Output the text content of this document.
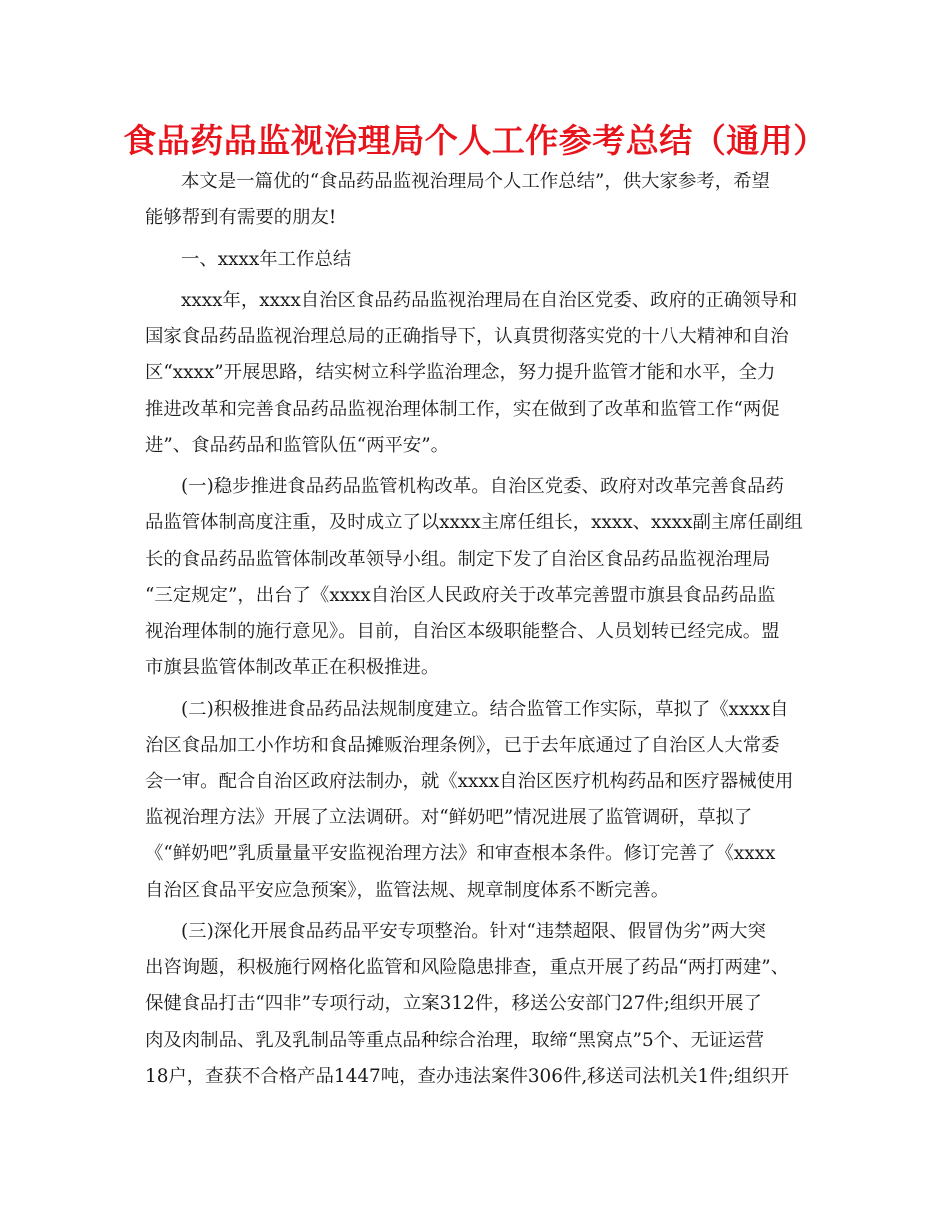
食品药品监视治理局个人工作参考总结（通用）

本文是一篇优的“食品药品监视治理局个人工作总结”，供大家参考，希望
能够帮到有需要的朋友!

一、xxxx年工作总结

xxxx年，xxxx自治区食品药品监视治理局在自治区党委、政府的正确领导和
国家食品药品监视治理总局的正确指导下，认真贯彻落实党的十八大精神和自治
区“xxxx”开展思路，结实树立科学监治理念，努力提升监管才能和水平，全力
推进改革和完善食品药品监视治理体制工作，实在做到了改革和监管工作“两促
进”、食品药品和监管队伍“两平安”。

(一)稳步推进食品药品监管机构改革。自治区党委、政府对改革完善食品药
品监管体制高度注重，及时成立了以xxxx主席任组长，xxxx、xxxx副主席任副组
长的食品药品监管体制改革领导小组。制定下发了自治区食品药品监视治理局
“三定规定”，出台了《xxxx自治区人民政府关于改革完善盟市旗县食品药品监
视治理体制的施行意见》。目前，自治区本级职能整合、人员划转已经完成。盟
市旗县监管体制改革正在积极推进。

(二)积极推进食品药品法规制度建立。结合监管工作实际，草拟了《xxxx自
治区食品加工小作坊和食品摊贩治理条例》，已于去年底通过了自治区人大常委
会一审。配合自治区政府法制办，就《xxxx自治区医疗机构药品和医疗器械使用
监视治理方法》开展了立法调研。对“鲜奶吧”情况进展了监管调研，草拟了
《“鲜奶吧”乳质量量平安监视治理方法》和审查根本条件。修订完善了《xxxx
自治区食品平安应急预案》，监管法规、规章制度体系不断完善。

(三)深化开展食品药品平安专项整治。针对“违禁超限、假冒伪劣”两大突
出咨询题，积极施行网格化监管和风险隐患排查，重点开展了药品“两打两建”、
保健食品打击“四非”专项行动，立案312件，移送公安部门27件;组织开展了
肉及肉制品、乳及乳制品等重点品种综合治理，取缔“黑窝点”5个、无证运营
18户，查获不合格产品1447吨，查办违法案件306件,移送司法机关1件;组织开
